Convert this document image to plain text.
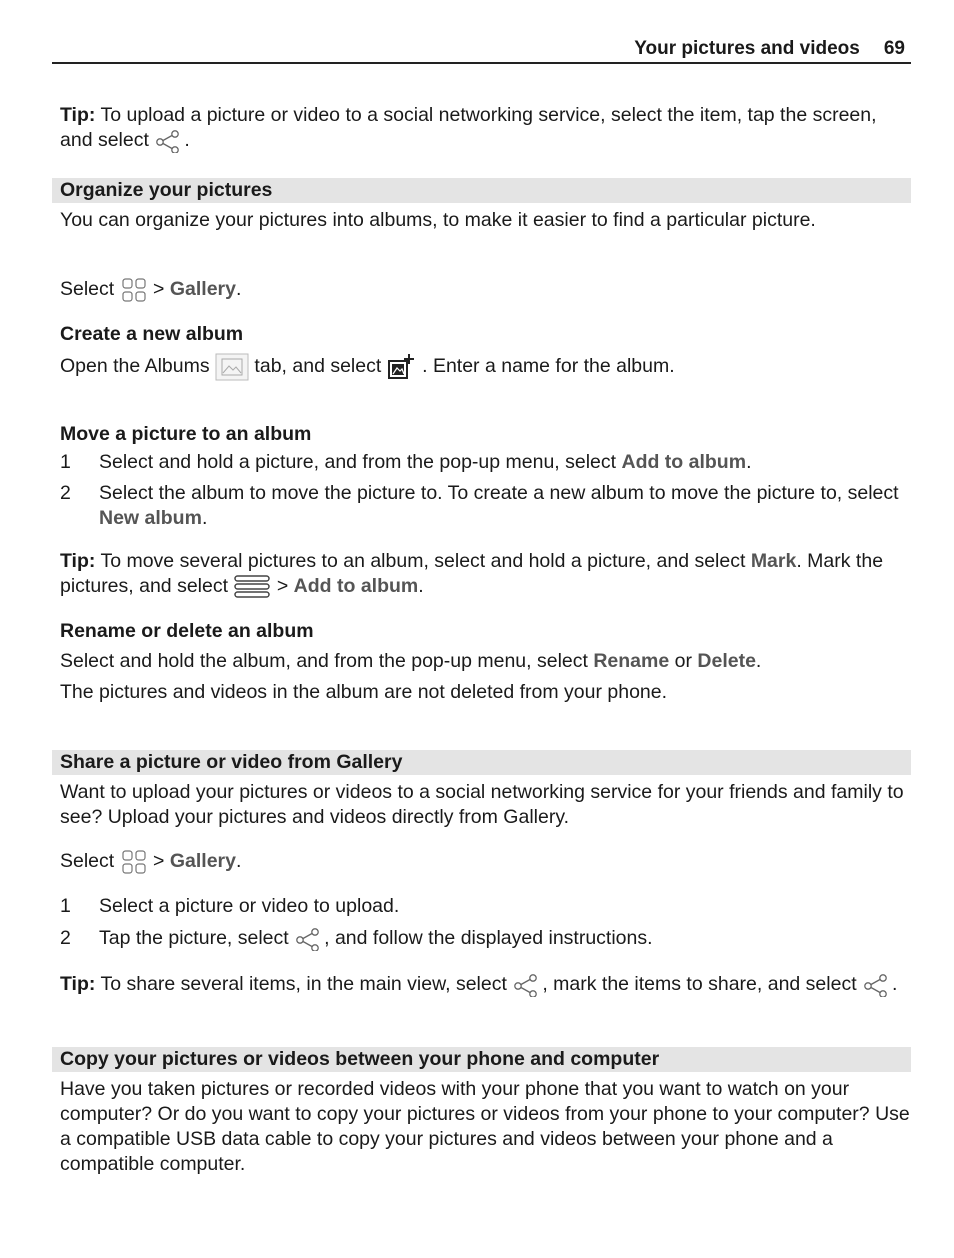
Your pictures and videos 69

Tip: To upload a picture or video to a social networking service, select the item, tap the screen, and select
.

Organize your pictures

You can organize your pictures into albums, to make it easier to find a particular picture.

Select
> Gallery.

Create a new album

Open the Albums
tab, and select
. Enter a name for the album.

Move a picture to an album
1 Select and hold a picture, and from the pop-up menu, select Add to album.
2 Select the album to move the picture to. To create a new album to move the picture to, select New album.

Tip: To move several pictures to an album, select and hold a picture, and select Mark. Mark the pictures, and select
> Add to album.

Rename or delete an album

Select and hold the album, and from the pop-up menu, select Rename or Delete.

The pictures and videos in the album are not deleted from your phone.

Share a picture or video from Gallery

Want to upload your pictures or videos to a social networking service for your friends and family to see? Upload your pictures and videos directly from Gallery.

Select
> Gallery.

1 Select a picture or video to upload.
2 Tap the picture, select
, and follow the displayed instructions.

Tip: To share several items, in the main view, select
, mark the items to share, and select
.

Copy your pictures or videos between your phone and computer

Have you taken pictures or recorded videos with your phone that you want to watch on your computer? Or do you want to copy your pictures or videos from your phone to your computer? Use a compatible USB data cable to copy your pictures and videos between your phone and a compatible computer.
